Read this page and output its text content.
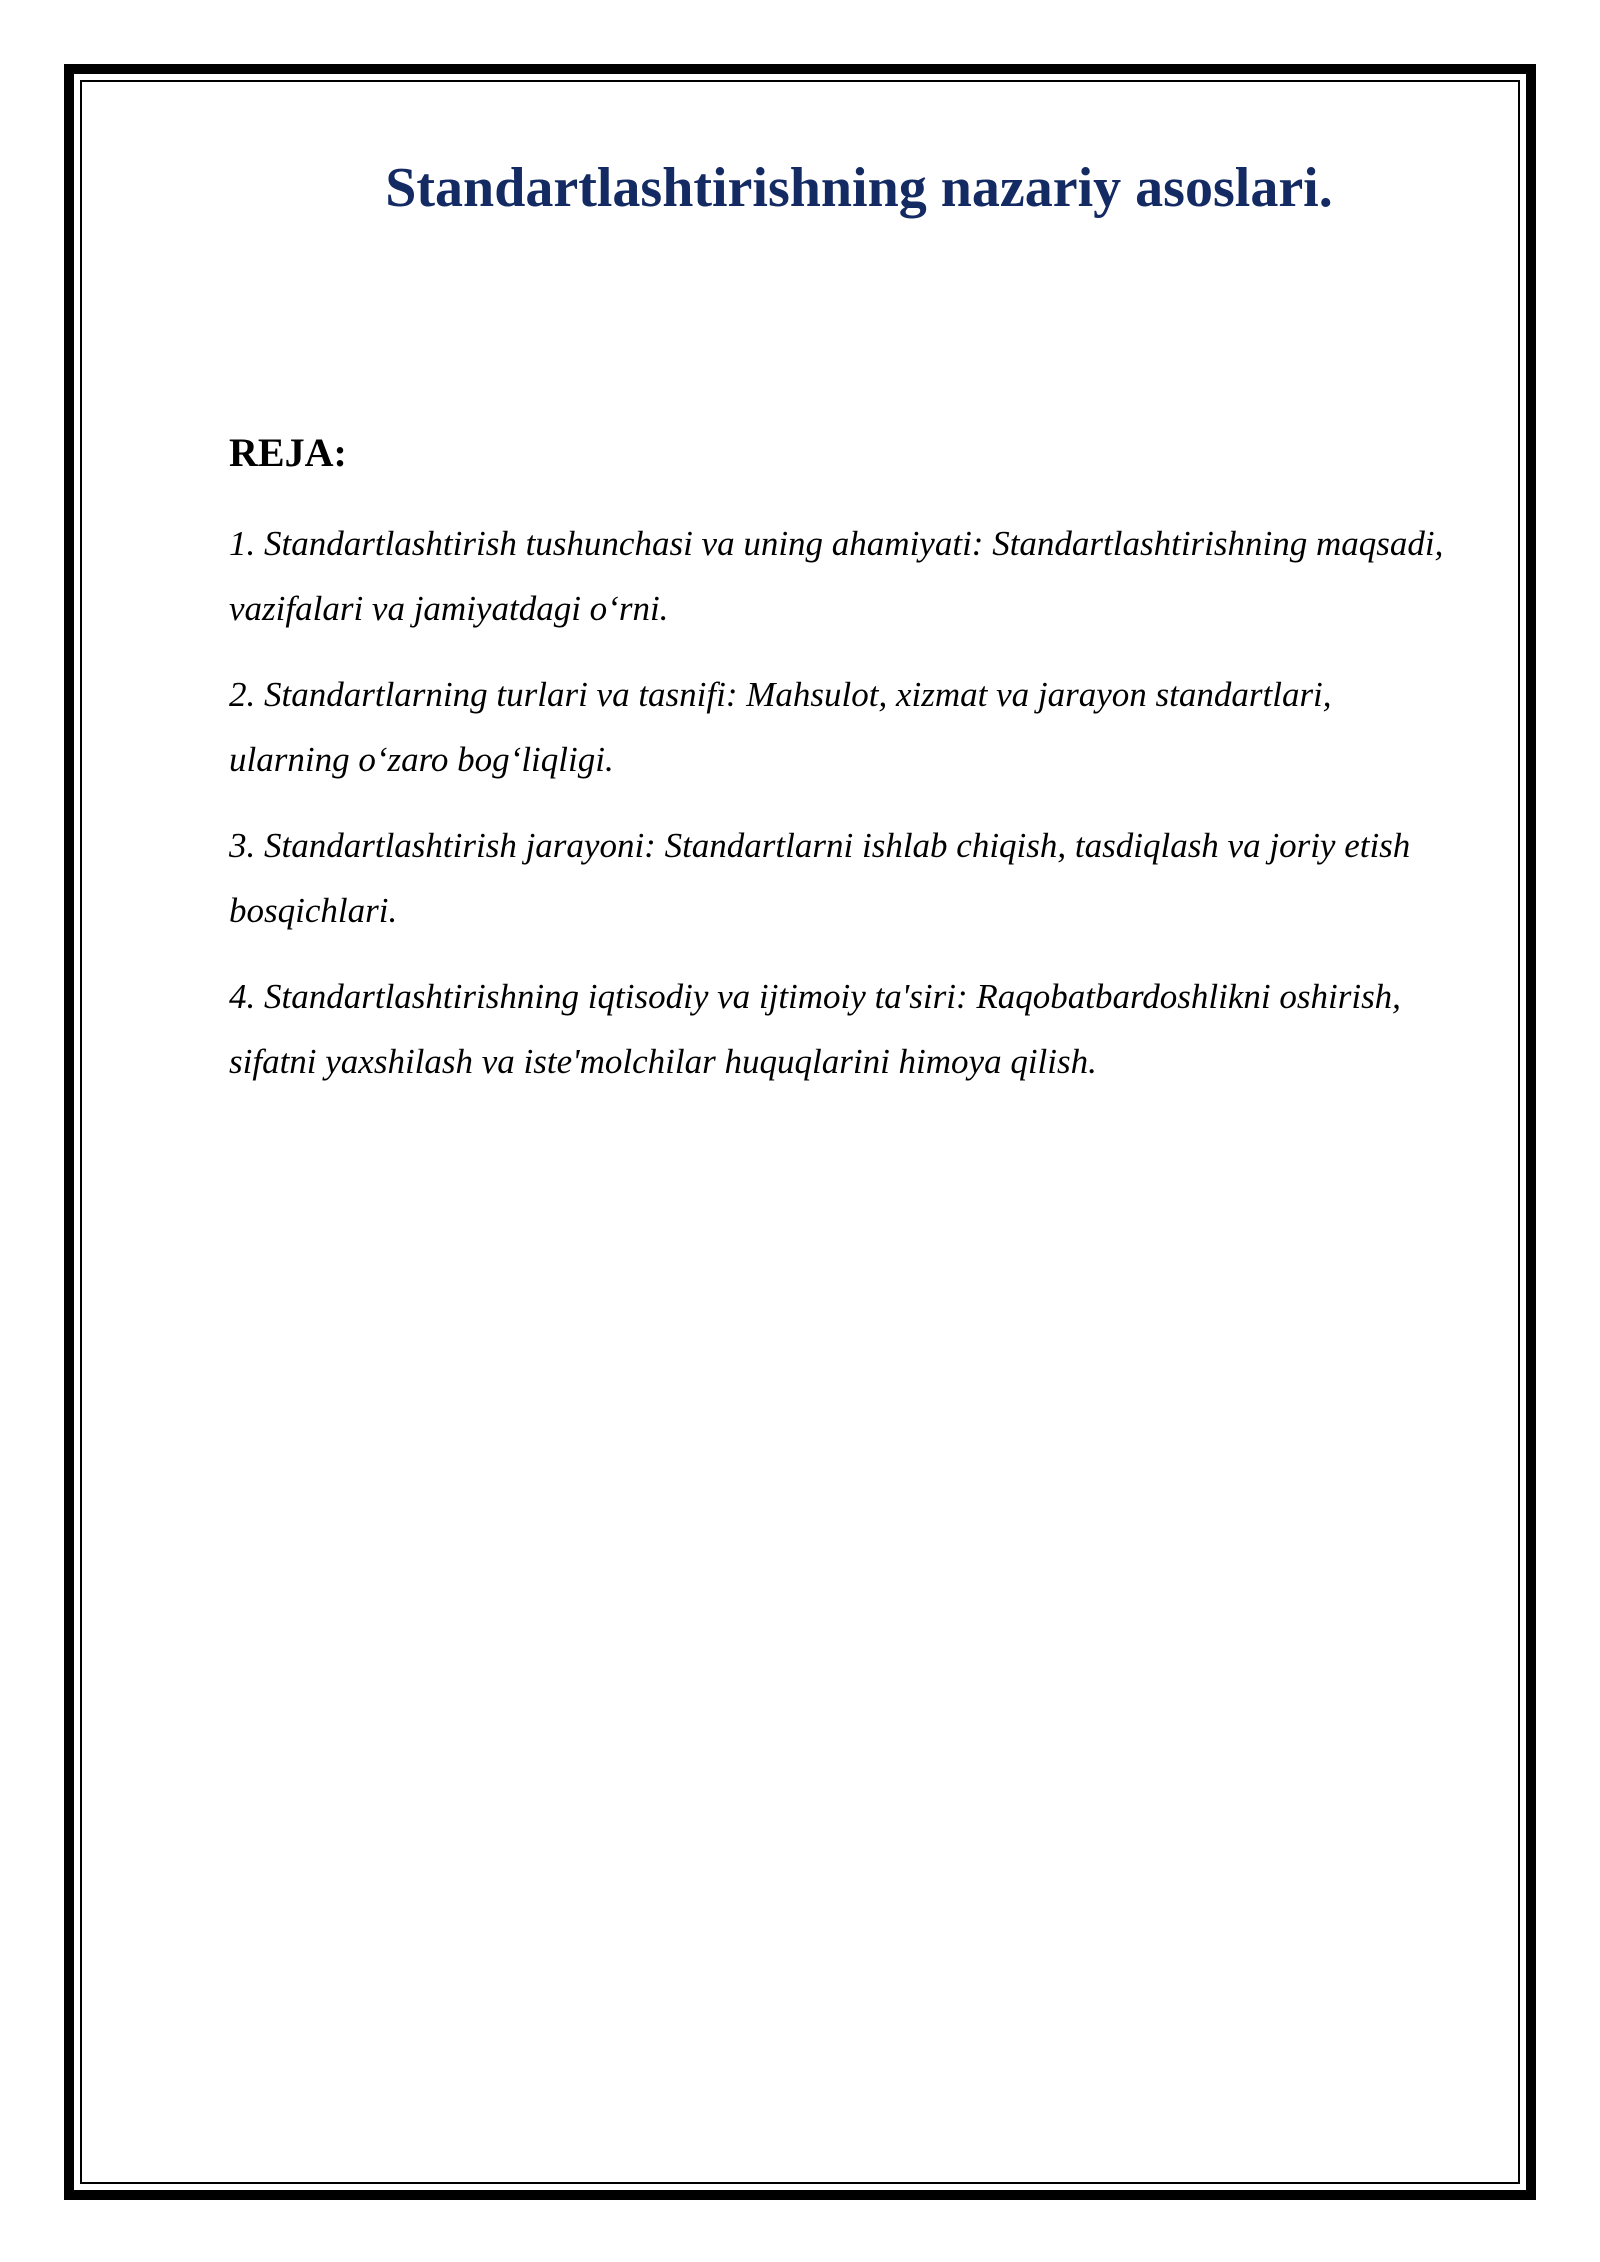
Standartlashtirishning nazariy asoslari.
REJA:
1. Standartlashtirish tushunchasi va uning ahamiyati: Standartlashtirishning maqsadi, vazifalari va jamiyatdagi o‘rni.
2. Standartlarning turlari va tasnifi: Mahsulot, xizmat va jarayon standartlari, ularning o‘zaro bog‘liqligi.
3. Standartlashtirish jarayoni: Standartlarni ishlab chiqish, tasdiqlash va joriy etish bosqichlari.
4. Standartlashtirishning iqtisodiy va ijtimoiy ta'siri: Raqobatbardoshlikni oshirish, sifatni yaxshilash va iste'molchilar huquqlarini himoya qilish.
